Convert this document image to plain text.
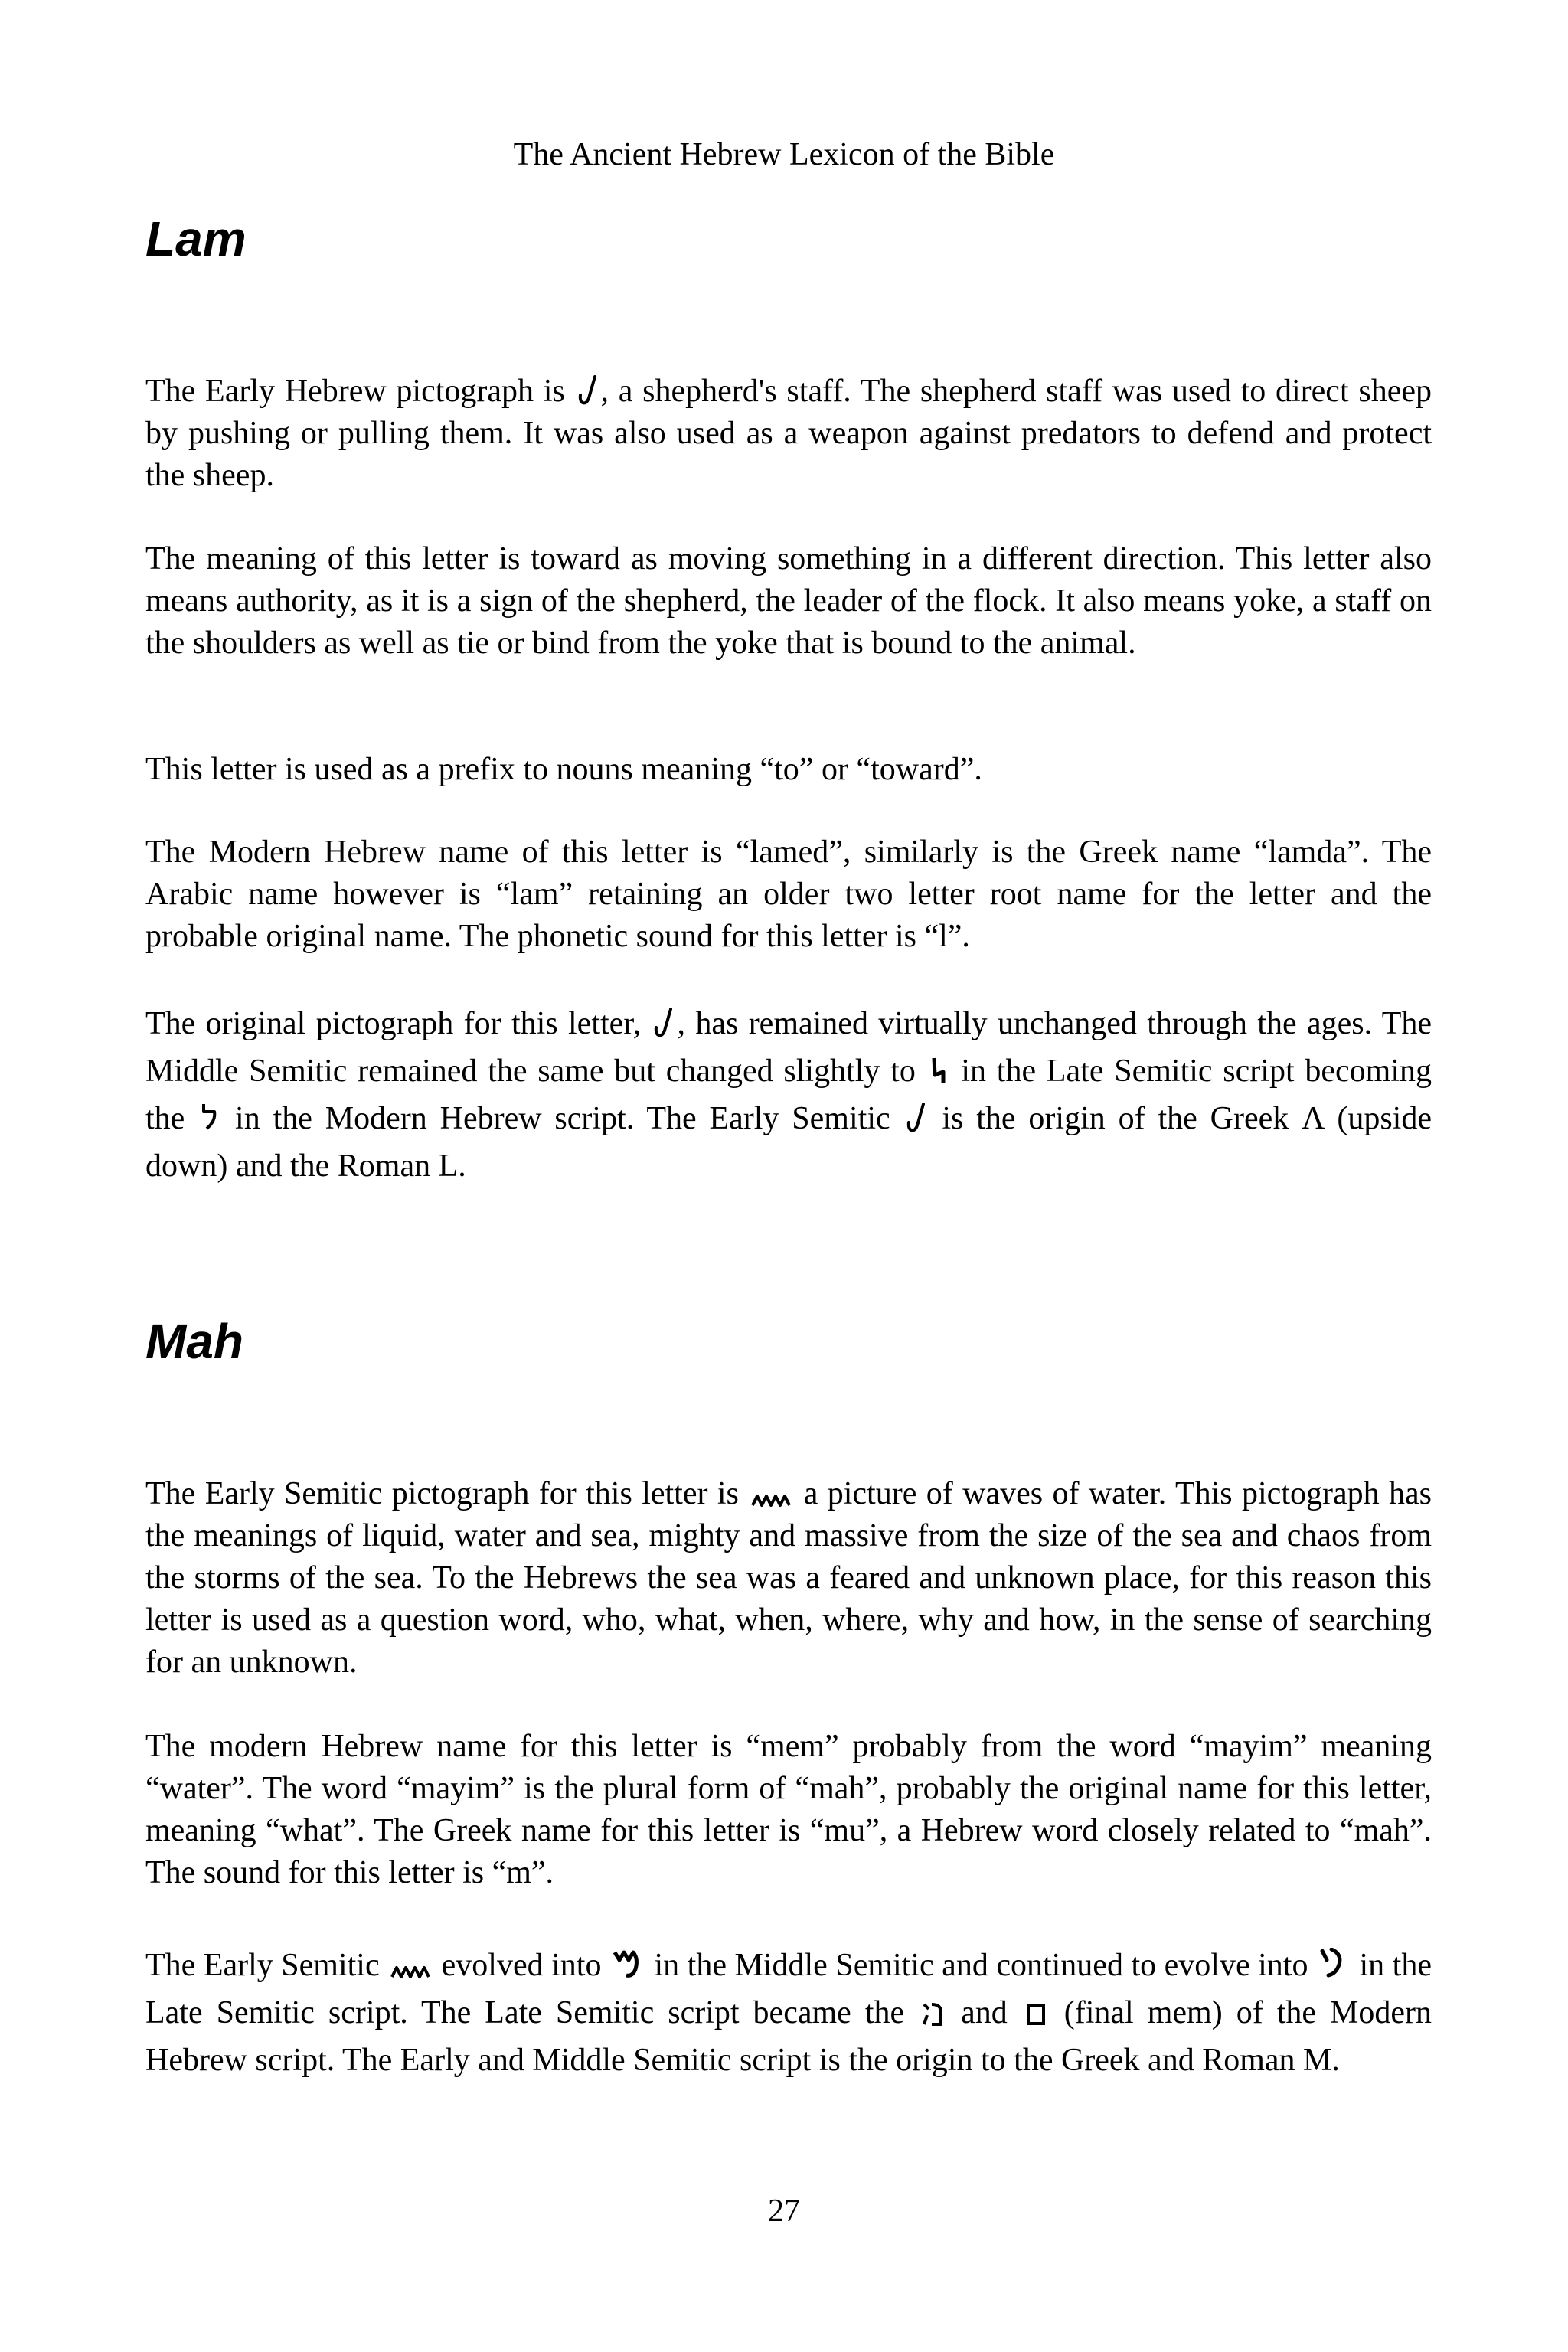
The Ancient Hebrew Lexicon of the Bible
Lam

The Early Hebrew pictograph is , a shepherd's staff. The shepherd staff was used to direct sheep by pushing or pulling them. It was also used as a weapon against predators to defend and protect the sheep.

The meaning of this letter is toward as moving something in a different direction. This letter also means authority, as it is a sign of the shepherd, the leader of the flock. It also means yoke, a staff on the shoulders as well as tie or bind from the yoke that is bound to the animal.

This letter is used as a prefix to nouns meaning “to” or “toward”.

The Modern Hebrew name of this letter is “lamed”, similarly is the Greek name “lamda”. The Arabic name however is “lam” retaining an older two letter root name for the letter and the probable original name. The phonetic sound for this letter is “l”.

The original pictograph for this letter, , has remained virtually unchanged through the ages. The Middle Semitic remained the same but changed slightly to  in the Late Semitic script becoming the  in the Modern Hebrew script. The Early Semitic  is the origin of the Greek Λ (upside down) and the Roman L.

Mah

The Early Semitic pictograph for this letter is  a picture of waves of water. This pictograph has the meanings of liquid, water and sea, mighty and massive from the size of the sea and chaos from the storms of the sea. To the Hebrews the sea was a feared and unknown place, for this reason this letter is used as a question word, who, what, when, where, why and how, in the sense of searching for an unknown.

The modern Hebrew name for this letter is “mem” probably from the word “mayim” meaning “water”. The word “mayim” is the plural form of “mah”, probably the original name for this letter, meaning “what”. The Greek name for this letter is “mu”, a Hebrew word closely related to “mah”. The sound for this letter is “m”.

The Early Semitic  evolved into  in the Middle Semitic and continued to evolve into  in the Late Semitic script. The Late Semitic script became the  and  (final mem) of the Modern Hebrew script. The Early and Middle Semitic script is the origin to the Greek and Roman M.

27
